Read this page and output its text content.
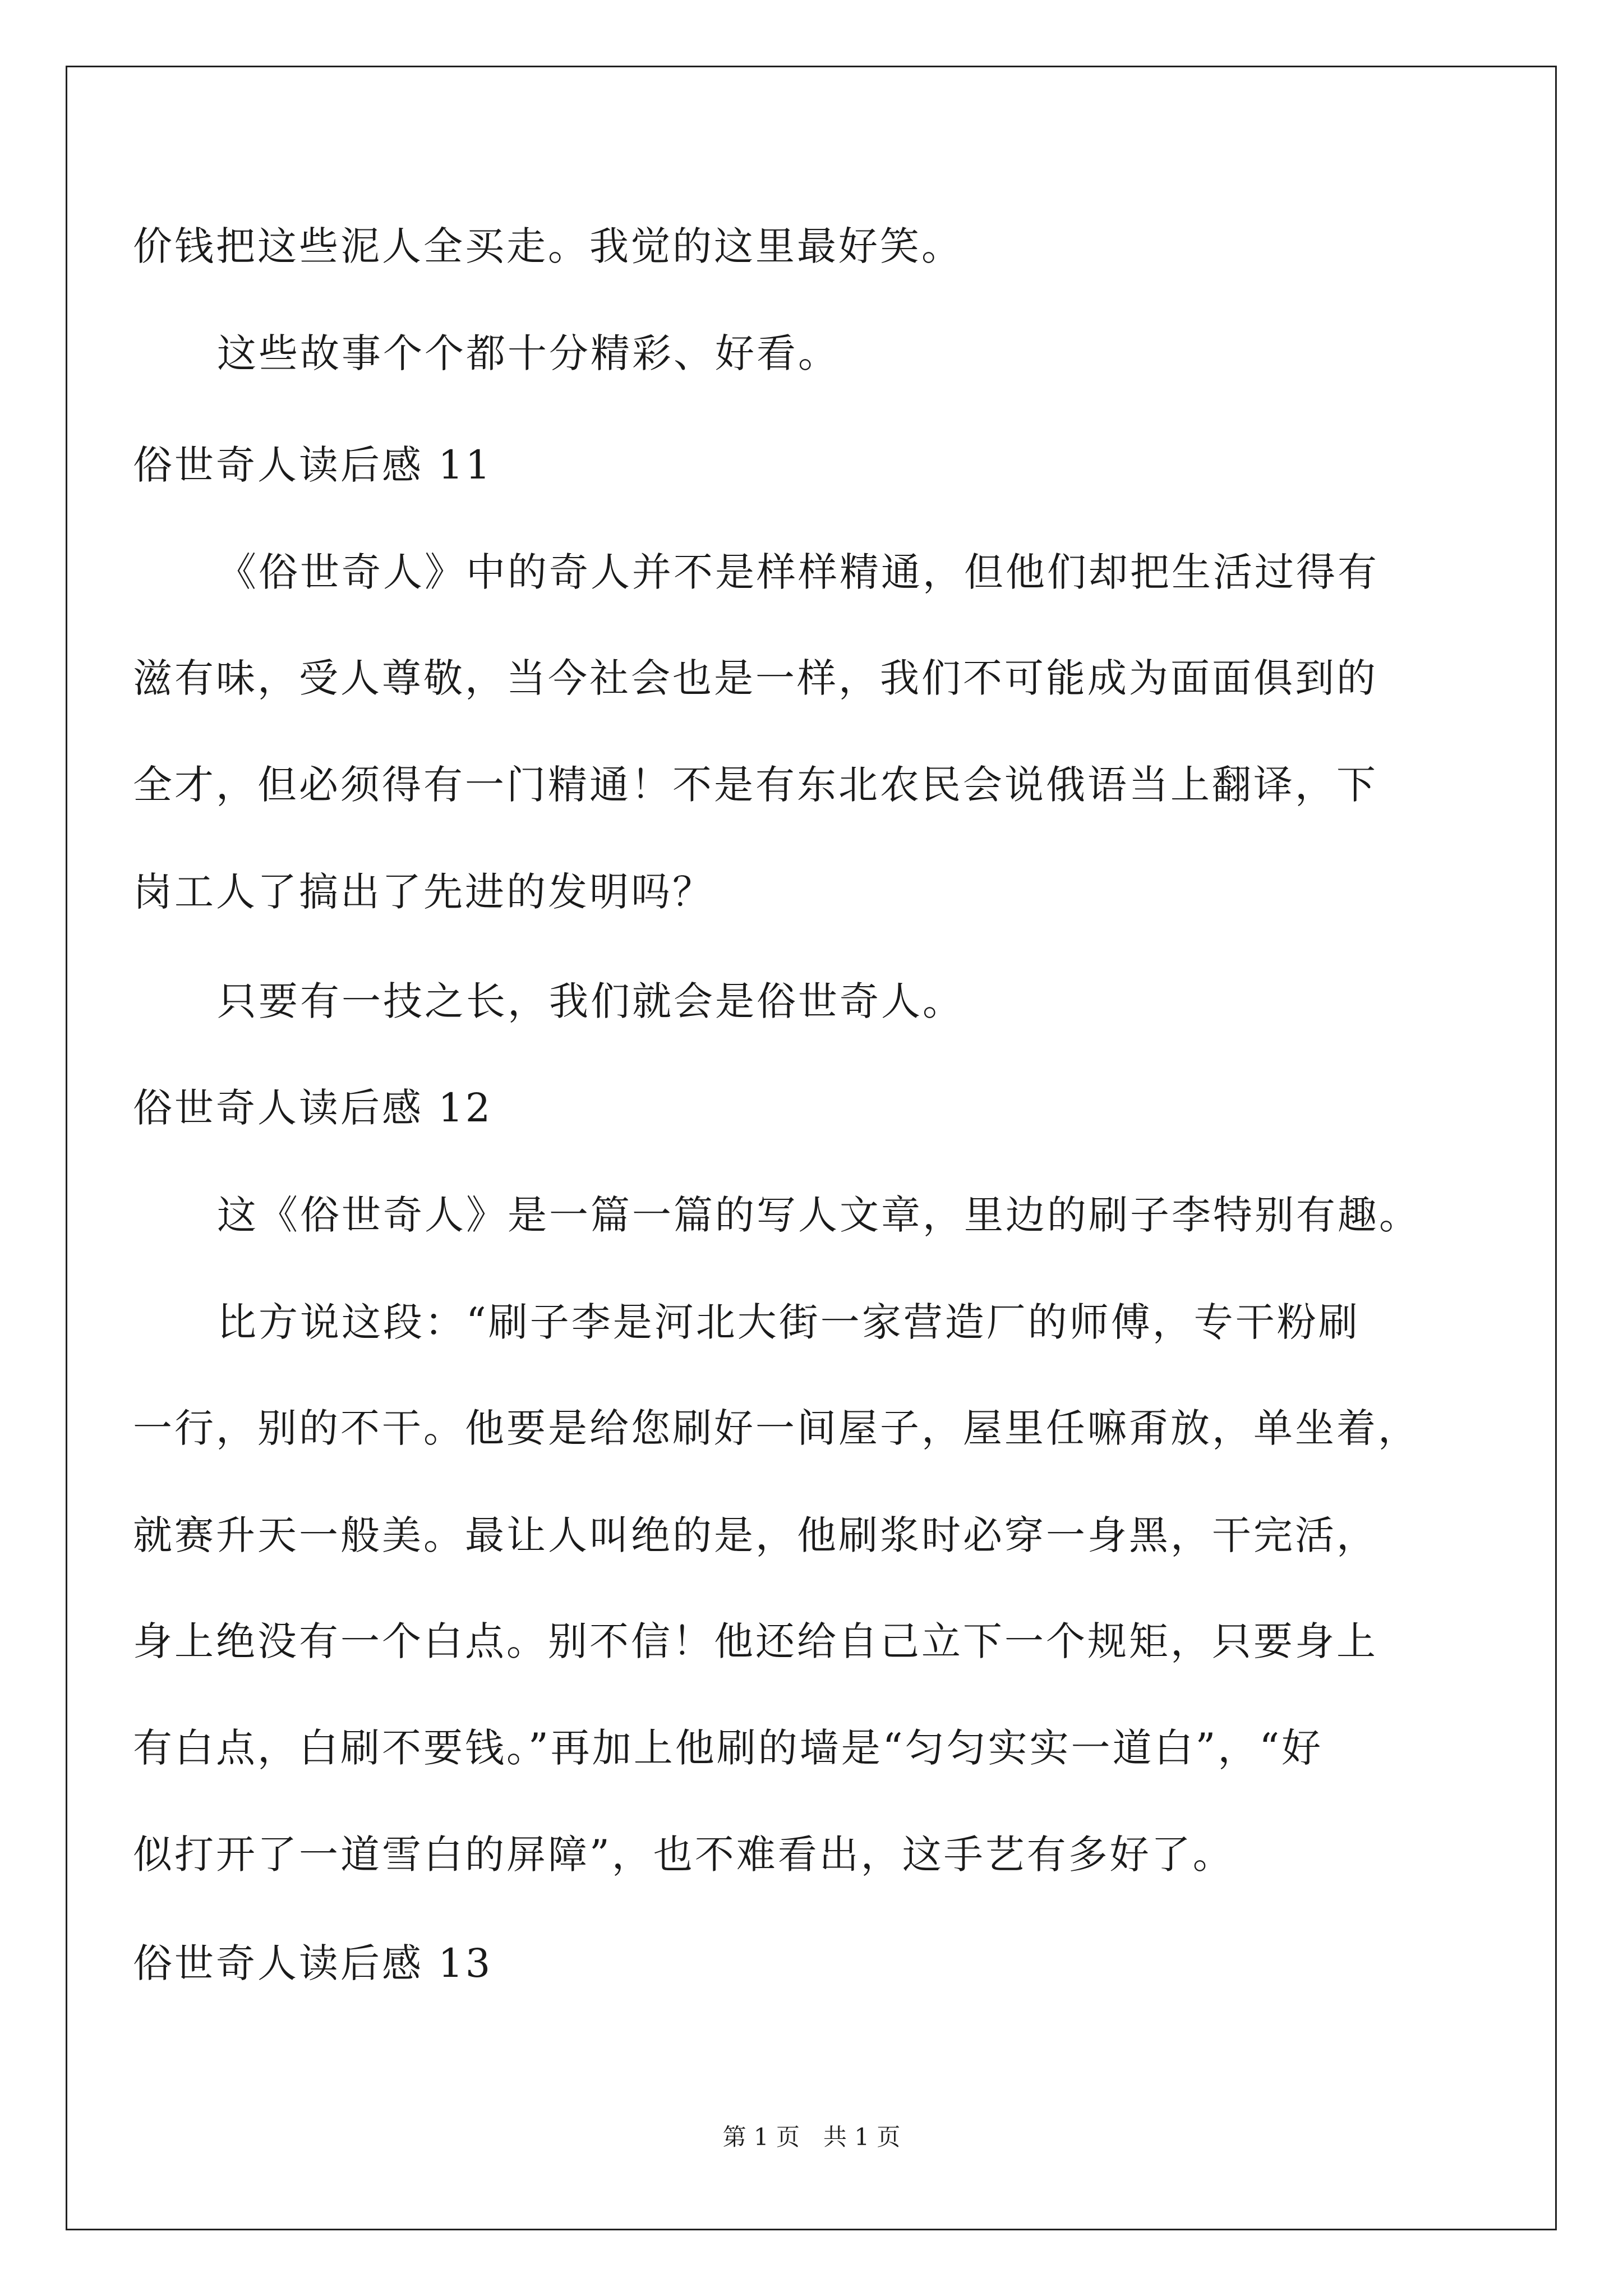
价钱把这些泥人全买走。我觉的这里最好笑。
这些故事个个都十分精彩、好看。
俗世奇人读后感 11
《俗世奇人》中的奇人并不是样样精通，但他们却把生活过得有
滋有味，受人尊敬，当今社会也是一样，我们不可能成为面面俱到的
全才，但必须得有一门精通！不是有东北农民会说俄语当上翻译，下
岗工人了搞出了先进的发明吗？
只要有一技之长，我们就会是俗世奇人。
俗世奇人读后感 12
这《俗世奇人》是一篇一篇的写人文章，里边的刷子李特别有趣。
比方说这段：“刷子李是河北大街一家营造厂的师傅，专干粉刷
一行，别的不干。他要是给您刷好一间屋子，屋里任嘛甭放，单坐着，
就赛升天一般美。最让人叫绝的是，他刷浆时必穿一身黑，干完活，
身上绝没有一个白点。别不信！他还给自己立下一个规矩，只要身上
有白点，白刷不要钱。”再加上他刷的墙是“匀匀实实一道白”，“好
似打开了一道雪白的屏障”，也不难看出，这手艺有多好了。
俗世奇人读后感 13
第 1 页　共 1 页
